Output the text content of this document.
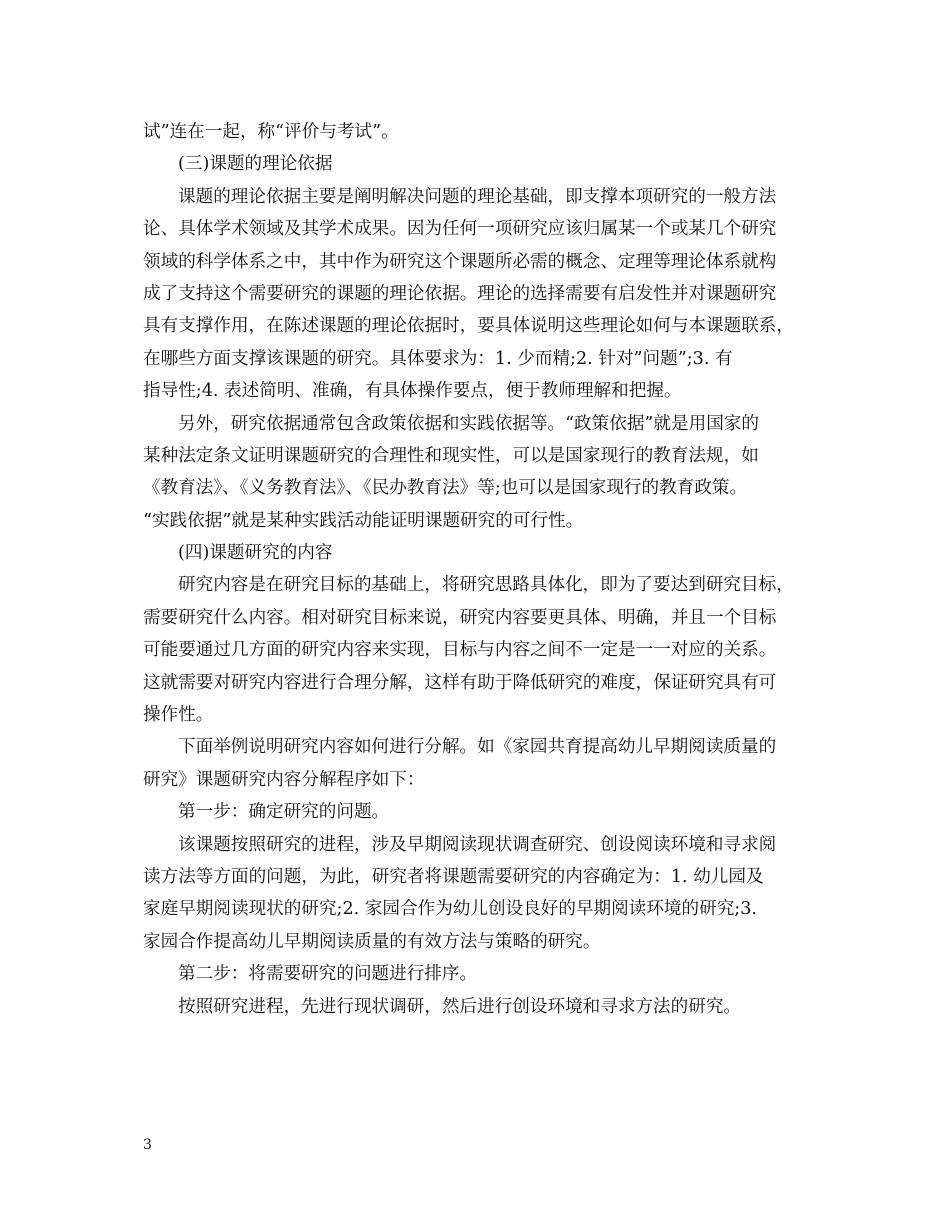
试”连在一起，称“评价与考试”。
(三)课题的理论依据
课题的理论依据主要是阐明解决问题的理论基础，即支撑本项研究的一般方法
论、具体学术领域及其学术成果。因为任何一项研究应该归属某一个或某几个研究
领域的科学体系之中，其中作为研究这个课题所必需的概念、定理等理论体系就构
成了支持这个需要研究的课题的理论依据。理论的选择需要有启发性并对课题研究
具有支撑作用，在陈述课题的理论依据时，要具体说明这些理论如何与本课题联系，
在哪些方面支撑该课题的研究。具体要求为：1. 少而精;2. 针对”问题”;3. 有
指导性;4. 表述简明、准确，有具体操作要点，便于教师理解和把握。
另外，研究依据通常包含政策依据和实践依据等。“政策依据”就是用国家的
某种法定条文证明课题研究的合理性和现实性，可以是国家现行的教育法规，如
《教育法》、《义务教育法》、《民办教育法》等;也可以是国家现行的教育政策。
“实践依据”就是某种实践活动能证明课题研究的可行性。
(四)课题研究的内容
研究内容是在研究目标的基础上，将研究思路具体化，即为了要达到研究目标，
需要研究什么内容。相对研究目标来说，研究内容要更具体、明确，并且一个目标
可能要通过几方面的研究内容来实现，目标与内容之间不一定是一一对应的关系。
这就需要对研究内容进行合理分解，这样有助于降低研究的难度，保证研究具有可
操作性。
下面举例说明研究内容如何进行分解。如《家园共育提高幼儿早期阅读质量的
研究》课题研究内容分解程序如下：
第一步：确定研究的问题。
该课题按照研究的进程，涉及早期阅读现状调查研究、创设阅读环境和寻求阅
读方法等方面的问题，为此，研究者将课题需要研究的内容确定为：1. 幼儿园及
家庭早期阅读现状的研究;2. 家园合作为幼儿创设良好的早期阅读环境的研究;3.
家园合作提高幼儿早期阅读质量的有效方法与策略的研究。
第二步：将需要研究的问题进行排序。
按照研究进程，先进行现状调研，然后进行创设环境和寻求方法的研究。
3
